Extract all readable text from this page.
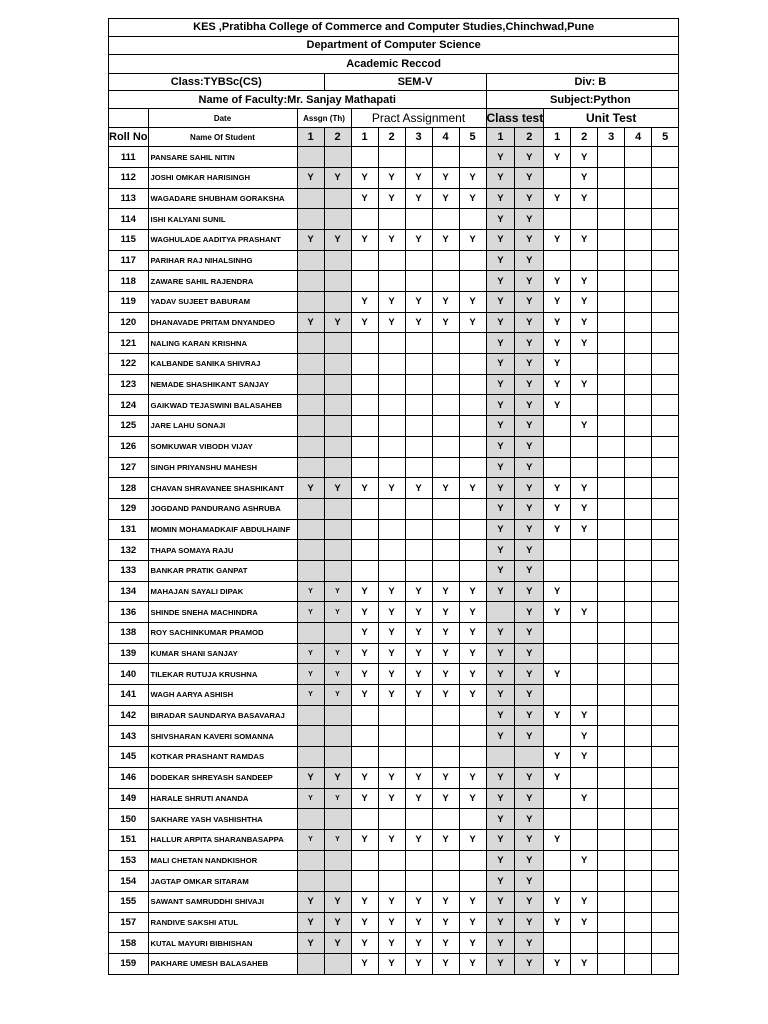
KES ,Pratibha College of Commerce and Computer Studies,Chinchwad,Pune															
Department of Computer Science															
Academic Reccod															
Class:TYBSc(CS)			SEM-V						Div: B						
Name of Faculty:Mr. Sanjay Mathapati									Subject:Python						
	Date	Assgn (Th)		Pract Assignment					Class test		Unit Test				
Roll No	Name Of Student	1	2	1	2	3	4	5	1	2	1	2	3	4	5
111	PANSARE SAHIL NITIN								Y	Y	Y	Y			
112	JOSHI OMKAR HARISINGH	Y	Y	Y	Y	Y	Y	Y	Y	Y		Y			
113	WAGADARE SHUBHAM GORAKSHA			Y	Y	Y	Y	Y	Y	Y	Y	Y			
114	ISHI KALYANI SUNIL								Y	Y					
115	WAGHULADE AADITYA PRASHANT	Y	Y	Y	Y	Y	Y	Y	Y	Y	Y	Y			
117	PARIHAR RAJ NIHALSINHG								Y	Y					
118	ZAWARE SAHIL RAJENDRA								Y	Y	Y	Y			
119	YADAV SUJEET BABURAM			Y	Y	Y	Y	Y	Y	Y	Y	Y			
120	DHANAVADE PRITAM DNYANDEO	Y	Y	Y	Y	Y	Y	Y	Y	Y	Y	Y			
121	NALING KARAN KRISHNA								Y	Y	Y	Y			
122	KALBANDE SANIKA SHIVRAJ								Y	Y	Y				
123	NEMADE SHASHIKANT SANJAY								Y	Y	Y	Y			
124	GAIKWAD TEJASWINI BALASAHEB								Y	Y	Y				
125	JARE LAHU SONAJI								Y	Y		Y			
126	SOMKUWAR VIBODH VIJAY								Y	Y					
127	SINGH PRIYANSHU MAHESH								Y	Y					
128	CHAVAN SHRAVANEE SHASHIKANT	Y	Y	Y	Y	Y	Y	Y	Y	Y	Y	Y			
129	JOGDAND PANDURANG ASHRUBA								Y	Y	Y	Y			
131	MOMIN MOHAMADKAIF ABDULHAINF								Y	Y	Y	Y			
132	THAPA SOMAYA RAJU								Y	Y					
133	BANKAR PRATIK GANPAT								Y	Y					
134	MAHAJAN SAYALI DIPAK	Y	Y	Y	Y	Y	Y	Y	Y	Y	Y				
136	SHINDE SNEHA MACHINDRA	Y	Y	Y	Y	Y	Y	Y		Y	Y	Y			
138	ROY SACHINKUMAR PRAMOD			Y	Y	Y	Y	Y	Y	Y					
139	KUMAR SHANI SANJAY	Y	Y	Y	Y	Y	Y	Y	Y	Y					
140	TILEKAR RUTUJA KRUSHNA	Y	Y	Y	Y	Y	Y	Y	Y	Y	Y				
141	WAGH AARYA ASHISH	Y	Y	Y	Y	Y	Y	Y	Y	Y					
142	BIRADAR SAUNDARYA BASAVARAJ								Y	Y	Y	Y			
143	SHIVSHARAN KAVERI SOMANNA								Y	Y		Y			
145	KOTKAR PRASHANT RAMDAS										Y	Y			
146	DODEKAR SHREYASH SANDEEP	Y	Y	Y	Y	Y	Y	Y	Y	Y	Y				
149	HARALE SHRUTI ANANDA	Y	Y	Y	Y	Y	Y	Y	Y	Y		Y			
150	SAKHARE YASH VASHISHTHA								Y	Y					
151	HALLUR ARPITA SHARANBASAPPA	Y	Y	Y	Y	Y	Y	Y	Y	Y	Y				
153	MALI CHETAN NANDKISHOR								Y	Y		Y			
154	JAGTAP OMKAR SITARAM								Y	Y					
155	SAWANT SAMRUDDHI SHIVAJI	Y	Y	Y	Y	Y	Y	Y	Y	Y	Y	Y			
157	RANDIVE SAKSHI ATUL	Y	Y	Y	Y	Y	Y	Y	Y	Y	Y	Y			
158	KUTAL MAYURI BIBHISHAN	Y	Y	Y	Y	Y	Y	Y	Y	Y					
159	PAKHARE UMESH BALASAHEB			Y	Y	Y	Y	Y	Y	Y	Y	Y			
